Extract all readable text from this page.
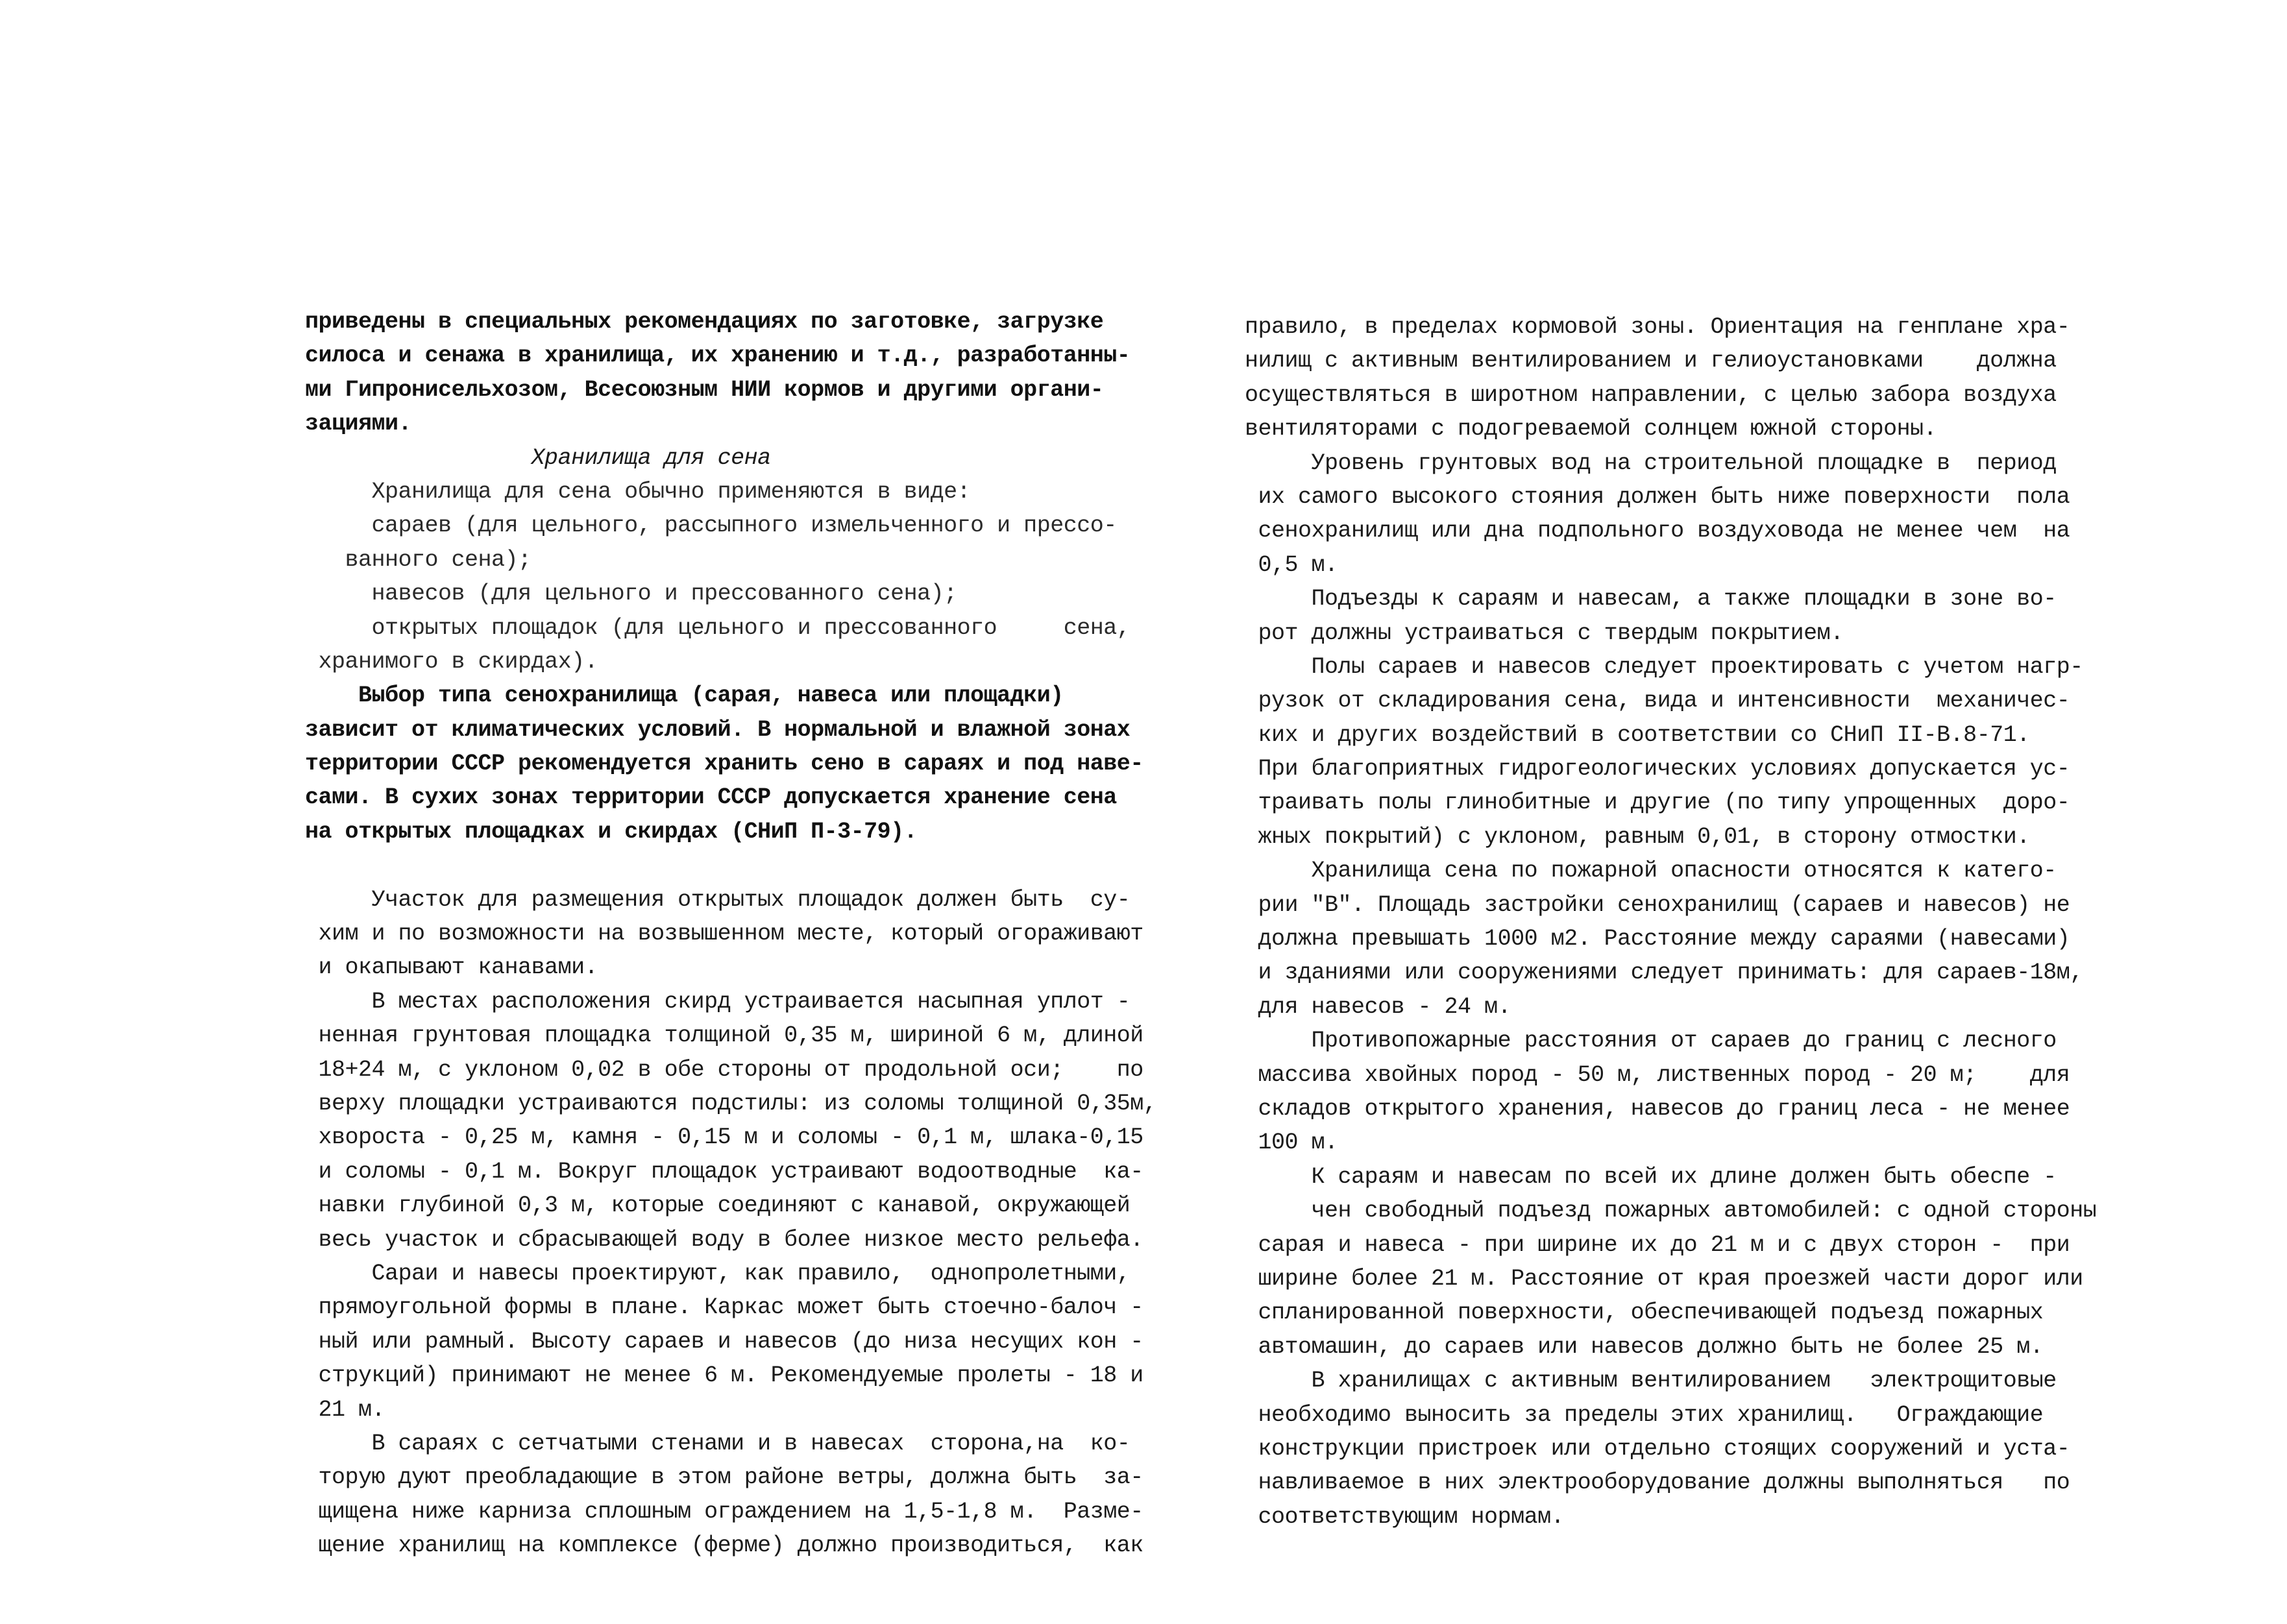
приведены в специальных рекомендациях по заготовке, загрузке
силоса и сенажа в хранилища, их хранению и т.д., разработанны-
ми Гипронисельхозом, Всесоюзным НИИ кормов и другими органи-
зациями.
Хранилища для сена
Хранилища для сена обычно применяются в виде:
сараев (для цельного, рассыпного измельченного и прессо-
ванного сена);
навесов (для цельного и прессованного сена);
открытых площадок (для цельного и прессованного     сена,
хранимого в скирдах).
Выбор типа сенохранилища (сарая, навеса или площадки)
зависит от климатических условий. В нормальной и влажной зонах
территории СССР рекомендуется хранить сено в сараях и под наве-
сами. В сухих зонах территории СССР допускается хранение сена
на открытых площадках и скирдах (СНиП П-3-79).
Участок для размещения открытых площадок должен быть  су-
хим и по возможности на возвышенном месте, который огораживают
и окапывают канавами.
В местах расположения скирд устраивается насыпная уплот -
ненная грунтовая площадка толщиной 0,35 м, шириной 6 м, длиной
18+24 м, с уклоном 0,02 в обе стороны от продольной оси;    по
верху площадки устраиваются подстилы: из соломы толщиной 0,35м,
хвороста - 0,25 м, камня - 0,15 м и соломы - 0,1 м, шлака-0,15
и соломы - 0,1 м. Вокруг площадок устраивают водоотводные  ка-
навки глубиной 0,3 м, которые соединяют с канавой, окружающей
весь участок и сбрасывающей воду в более низкое место рельефа.
Сараи и навесы проектируют, как правило,  однопролетными,
прямоугольной формы в плане. Каркас может быть стоечно-балоч -
ный или рамный. Высоту сараев и навесов (до низа несущих кон -
струкций) принимают не менее 6 м. Рекомендуемые пролеты - 18 и
21 м.
В сараях с сетчатыми стенами и в навесах  сторона,на  ко-
торую дуют преобладающие в этом районе ветры, должна быть  за-
щищена ниже карниза сплошным ограждением на 1,5-1,8 м.  Разме-
щение хранилищ на комплексе (ферме) должно производиться,  как
правило, в пределах кормовой зоны. Ориентация на генплане хра-
нилищ с активным вентилированием и гелиоустановками    должна
осуществляться в широтном направлении, с целью забора воздуха
вентиляторами с подогреваемой солнцем южной стороны.
Уровень грунтовых вод на строительной площадке в  период
их самого высокого стояния должен быть ниже поверхности  пола
сенохранилищ или дна подпольного воздуховода не менее чем  на
0,5 м.
Подъезды к сараям и навесам, а также площадки в зоне во-
рот должны устраиваться с твердым покрытием.
Полы сараев и навесов следует проектировать с учетом нагр-
рузок от складирования сена, вида и интенсивности  механичес-
ких и других воздействий в соответствии со СНиП II-В.8-71.
При благоприятных гидрогеологических условиях допускается ус-
траивать полы глинобитные и другие (по типу упрощенных  доро-
жных покрытий) с уклоном, равным 0,01, в сторону отмостки.
Хранилища сена по пожарной опасности относятся к катего-
рии "В". Площадь застройки сенохранилищ (сараев и навесов) не
должна превышать 1000 м2. Расстояние между сараями (навесами)
и зданиями или сооружениями следует принимать: для сараев-18м,
для навесов - 24 м.
Противопожарные расстояния от сараев до границ с лесного
массива хвойных пород - 50 м, лиственных пород - 20 м;    для
складов открытого хранения, навесов до границ леса - не менее
100 м.
К сараям и навесам по всей их длине должен быть обеспе -
чен свободный подъезд пожарных автомобилей: с одной стороны
сарая и навеса - при ширине их до 21 м и с двух сторон -  при
ширине более 21 м. Расстояние от края проезжей части дорог или
спланированной поверхности, обеспечивающей подъезд пожарных
автомашин, до сараев или навесов должно быть не более 25 м.
В хранилищах с активным вентилированием   электрощитовые
необходимо выносить за пределы этих хранилищ.   Ограждающие
конструкции пристроек или отдельно стоящих сооружений и уста-
навливаемое в них электрооборудование должны выполняться   по
соответствующим нормам.
